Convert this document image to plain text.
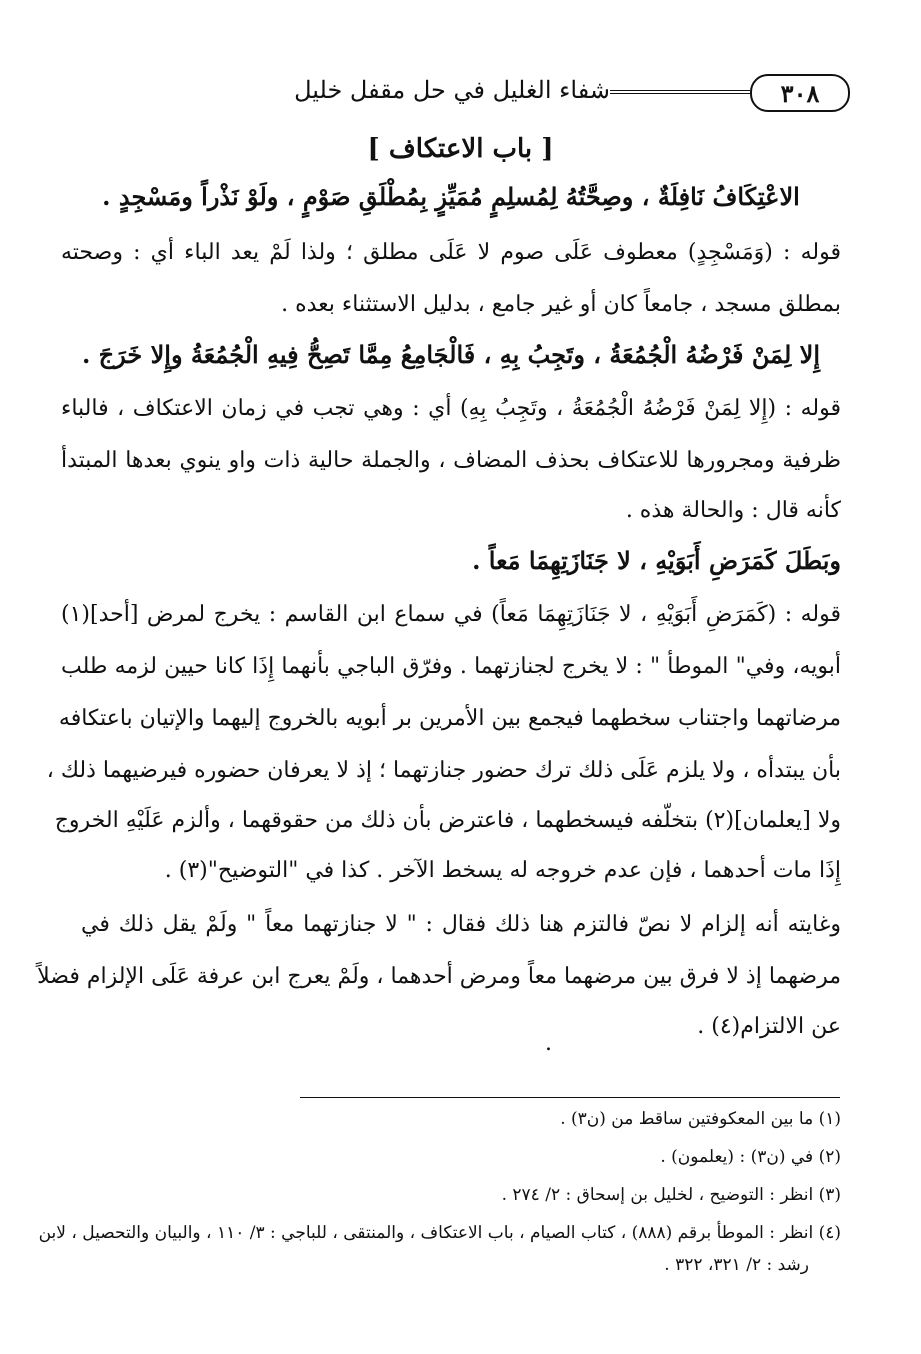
٣٠٨
شفاء الغليل في حل مقفل خليل
[ باب الاعتكاف ]
الاعْتِكَافُ نَافِلَةٌ ، وصِحَّتُهُ لِمُسلِمٍ مُمَيِّزٍ بِمُطْلَقِ صَوْمٍ ، ولَوْ نَذْراً ومَسْجِدٍ .
قوله : (وَمَسْجِدٍ) معطوف عَلَى صوم لا عَلَى مطلق ؛ ولذا لَمْ يعد الباء أي : وصحته
بمطلق مسجد ، جامعاً كان أو غير جامع ، بدليل الاستثناء بعده .
إِلا لِمَنْ فَرْضُهُ الْجُمُعَةُ ، وتَجِبُ بِهِ ، فَالْجَامِعُ مِمَّا تَصِحُّ فِيهِ الْجُمُعَةُ وإِلا خَرَجَ .
قوله : (إِلا لِمَنْ فَرْضُهُ الْجُمُعَةُ ، وتَجِبُ بِهِ) أي : وهي تجب في زمان الاعتكاف ، فالباء
ظرفية ومجرورها للاعتكاف بحذف المضاف ، والجملة حالية ذات واو ينوي بعدها المبتدأ
كأنه قال : والحالة هذه .
وبَطَلَ كَمَرَضِ أَبَوَيْهِ ، لا جَنَازَتِهِمَا مَعاً .
قوله : (كَمَرَضِ أَبَوَيْهِ ، لا جَنَازَتِهِمَا مَعاً) في سماع ابن القاسم : يخرج لمرض [أحد](١)
أبويه، وفي" الموطأ " : لا يخرج لجنازتهما . وفرّق الباجي بأنهما إِذَا كانا حيين لزمه طلب
مرضاتهما واجتناب سخطهما فيجمع بين الأمرين بر أبويه بالخروج إليهما والإتيان باعتكافه
بأن يبتدأه ، ولا يلزم عَلَى ذلك ترك حضور جنازتهما ؛ إذ لا يعرفان حضوره فيرضيهما ذلك ،
ولا [يعلمان](٢) بتخلّفه فيسخطهما ، فاعترض بأن ذلك من حقوقهما ، وألزم عَلَيْهِ الخروج
إِذَا مات أحدهما ، فإن عدم خروجه له يسخط الآخر . كذا في "التوضيح"(٣) .
وغايته أنه إلزام لا نصّ فالتزم هنا ذلك فقال : " لا جنازتهما معاً " ولَمْ يقل ذلك في
مرضهما إذ لا فرق بين مرضهما معاً ومرض أحدهما ، ولَمْ يعرج ابن عرفة عَلَى الإلزام فضلاً
عن الالتزام(٤) .
.
(١) ما بين المعكوفتين ساقط من (ن٣) .
(٢) في (ن٣) : (يعلمون) .
(٣) انظر : التوضيح ، لخليل بن إسحاق : ٢/ ٢٧٤ .
(٤) انظر : الموطأ برقم (٨٨٨) ، كتاب الصيام ، باب الاعتكاف ، والمنتقى ، للباجي : ٣/ ١١٠ ، والبيان والتحصيل ، لابن
رشد : ٢/ ٣٢١، ٣٢٢ .
